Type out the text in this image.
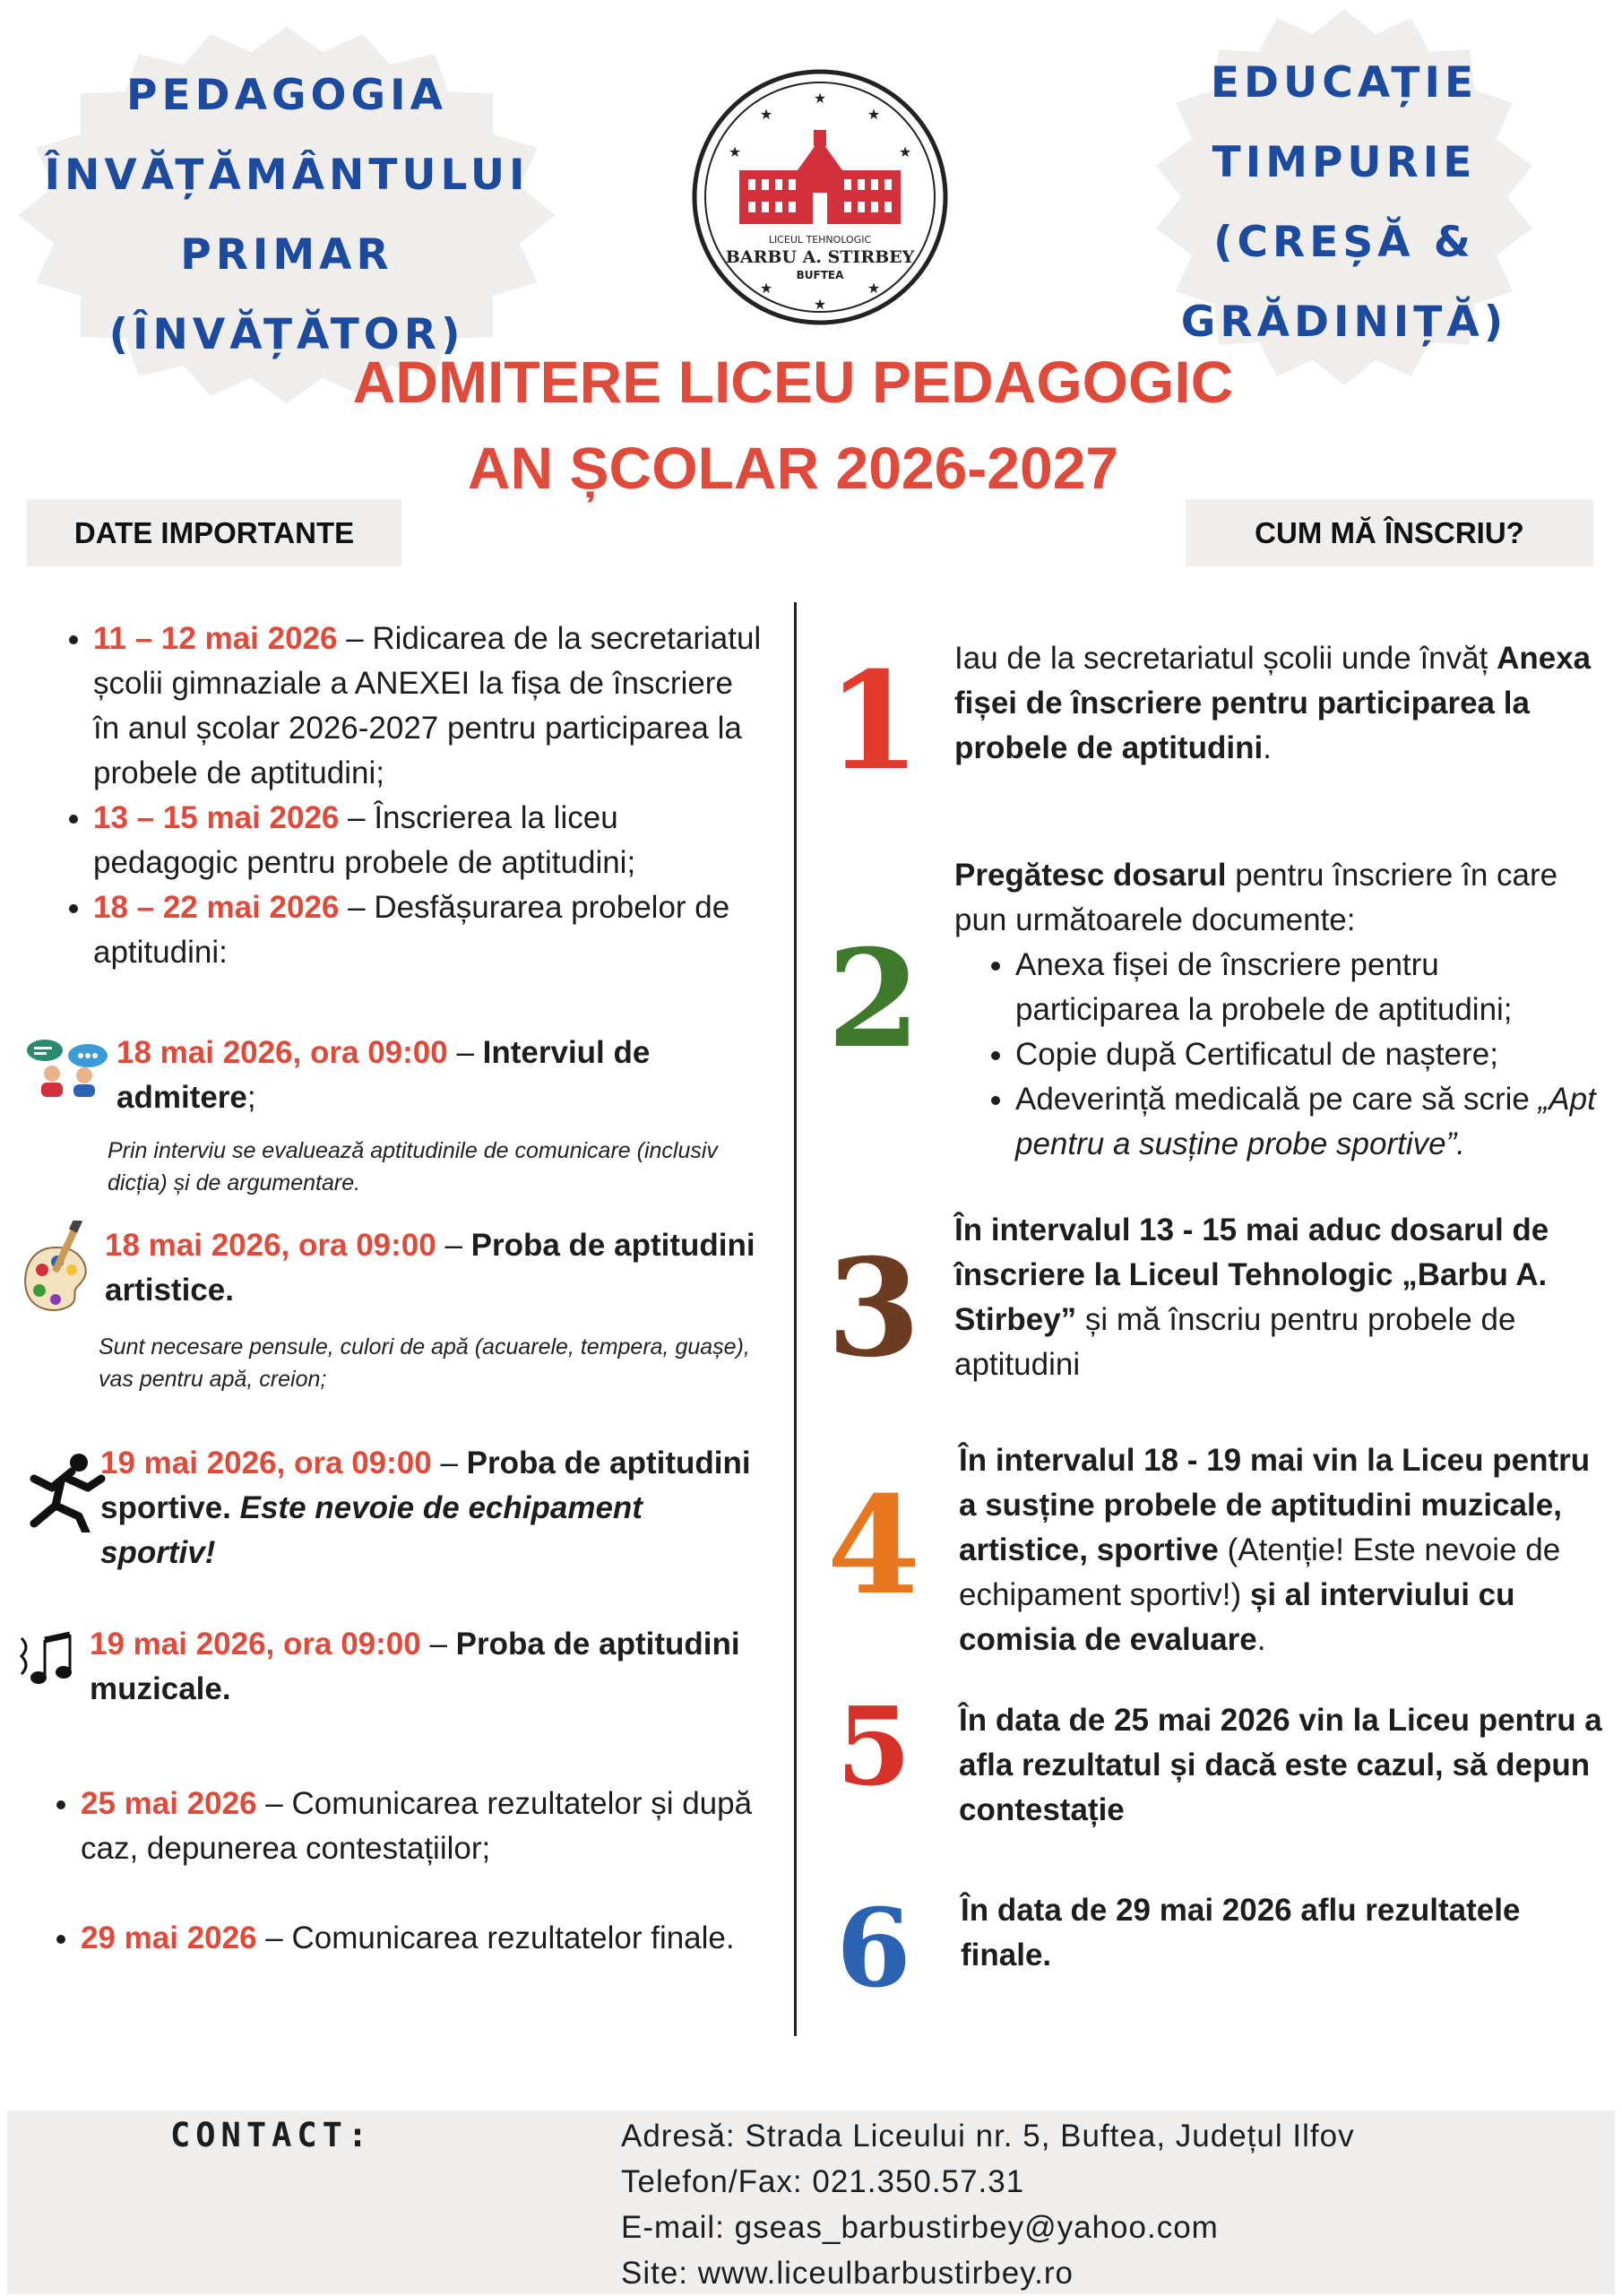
PEDAGOGIA
ÎNVĂȚĂMÂNTULUI
PRIMAR
(ÎNVĂȚĂTOR)
EDUCAȚIE
TIMPURIE
(CREȘĂ &
GRĂDINIȚĂ)
★
★	★
★	★
★
★	★
LICEUL TEHNOLOGIC
BARBU A. STIRBEY
BUFTEA
ADMITERE LICEU PEDAGOGIC
AN ȘCOLAR 2026-2027
DATE IMPORTANTE	CUM MĂ ÎNSCRIU?
• 11 – 12 mai 2026 – Ridicarea de la secretariatul școlii gimnaziale a ANEXEI la fișa de înscriere în anul școlar 2026-2027 pentru participarea la probele de aptitudini;
• 13 – 15 mai 2026 – Înscrierea la liceu pedagogic pentru probele de aptitudini;
• 18 – 22 mai 2026 – Desfășurarea probelor de aptitudini:
18 mai 2026, ora 09:00 – Interviul de admitere;
Prin interviu se evaluează aptitudinile de comunicare (inclusiv dicția) și de argumentare.
18 mai 2026, ora 09:00 – Proba de aptitudini artistice.
Sunt necesare pensule, culori de apă (acuarele, tempera, guașe), vas pentru apă, creion;
19 mai 2026, ora 09:00 – Proba de aptitudini sportive. Este nevoie de echipament sportiv!
19 mai 2026, ora 09:00 – Proba de aptitudini muzicale.
• 25 mai 2026 – Comunicarea rezultatelor și după caz, depunerea contestațiilor;
• 29 mai 2026 – Comunicarea rezultatelor finale.
1 Iau de la secretariatul școlii unde învăț Anexa fișei de înscriere pentru participarea la probele de aptitudini.
2
Pregătesc dosarul pentru înscriere în care pun următoarele documente:
• Anexa fișei de înscriere pentru participarea la probele de aptitudini;
• Copie după Certificatul de naștere;
• Adeverință medicală pe care să scrie „Apt pentru a susține probe sportive”.
3 În intervalul 13 - 15 mai aduc dosarul de înscriere la Liceul Tehnologic „Barbu A. Stirbey” și mă înscriu pentru probele de aptitudini
4
În intervalul 18 - 19 mai vin la Liceu pentru a susține probele de aptitudini muzicale, artistice, sportive (Atenție! Este nevoie de echipament sportiv!) și al interviului cu comisia de evaluare.
5	În data de 25 mai 2026 vin la Liceu pentru a afla rezultatul și dacă este cazul, să depun contestație
6	În data de 29 mai 2026 aflu rezultatele finale.
CONTACT:	Adresă: Strada Liceului nr. 5, Buftea, Județul Ilfov
Telefon/Fax: 021.350.57.31
E-mail: gseas_barbustirbey@yahoo.com
Site: www.liceulbarbustirbey.ro
